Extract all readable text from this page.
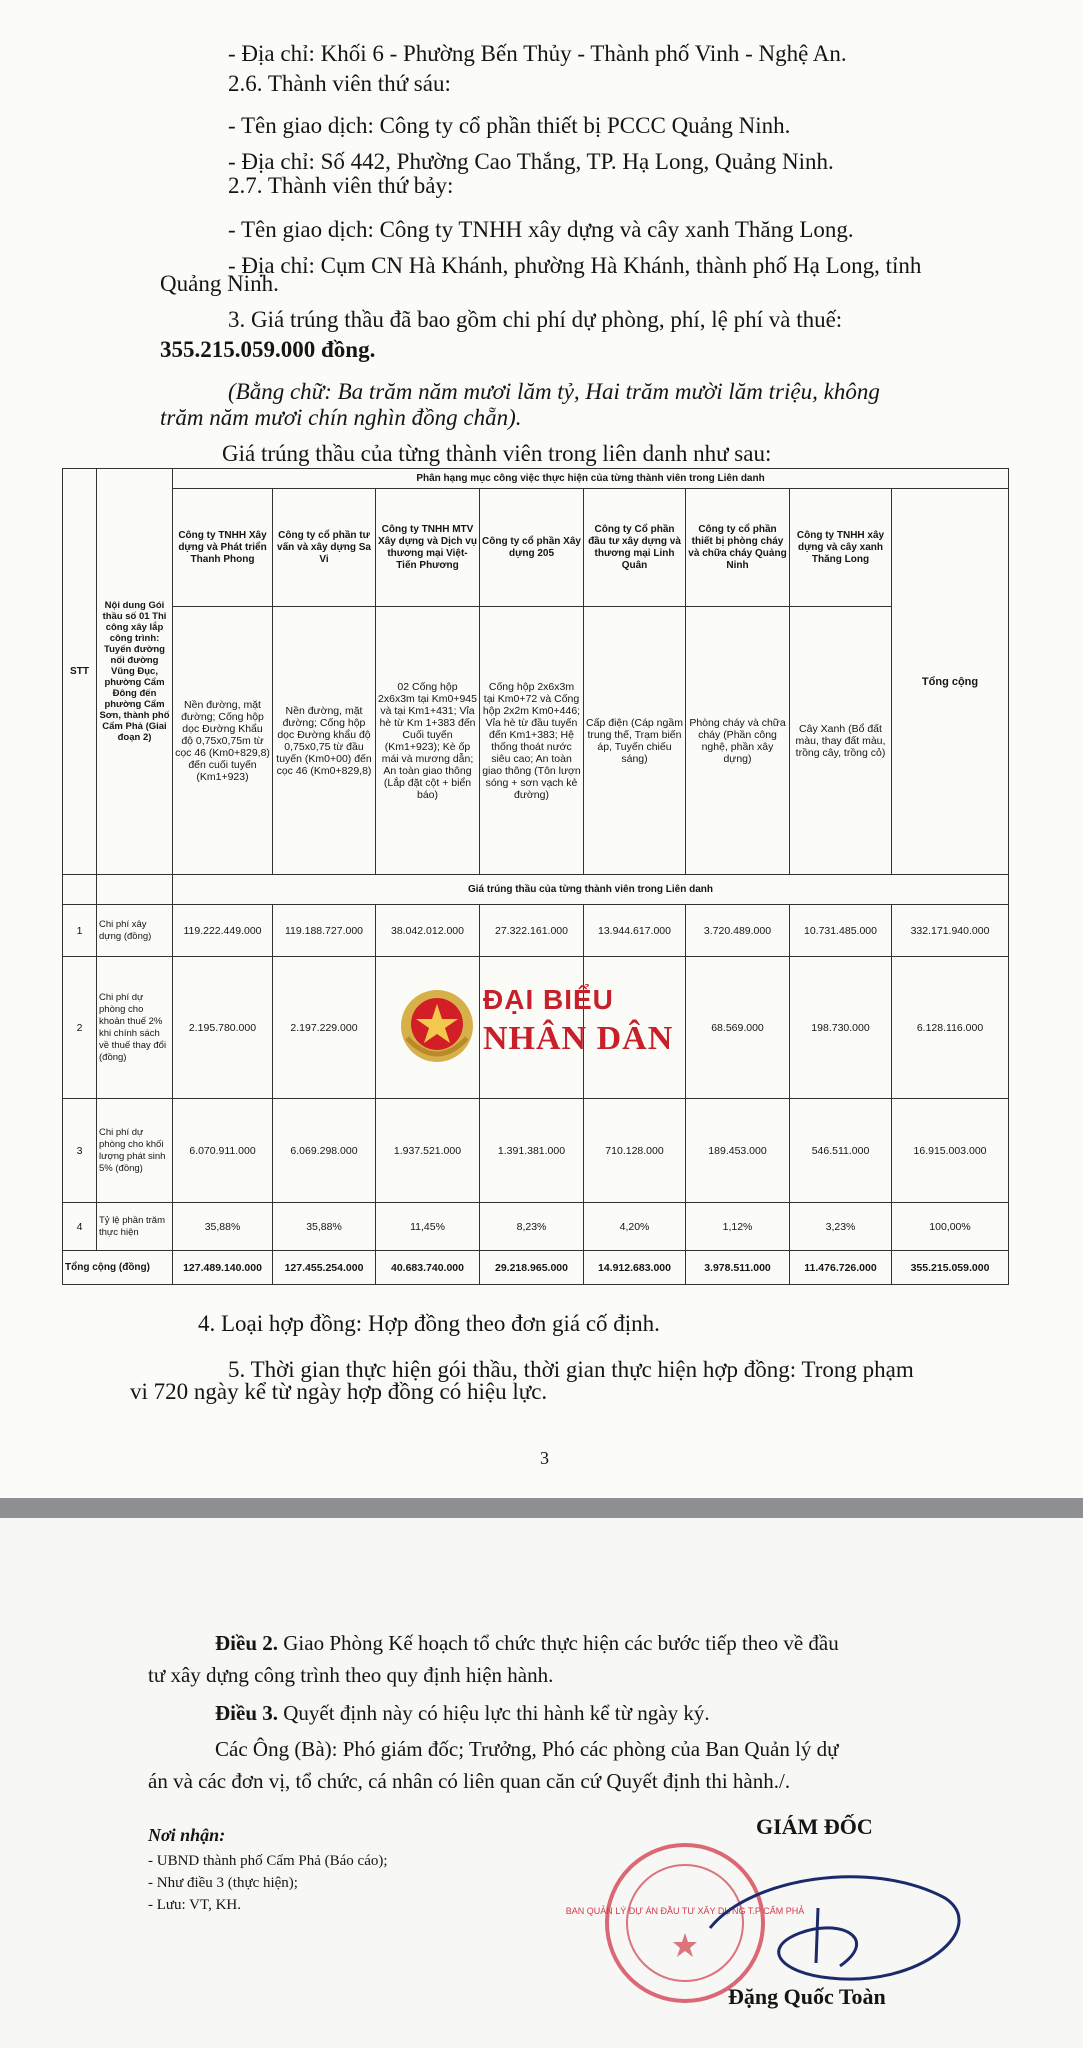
- Địa chỉ: Khối 6 - Phường Bến Thủy - Thành phố Vinh - Nghệ An.
2.6. Thành viên thứ sáu:
- Tên giao dịch: Công ty cổ phần thiết bị PCCC Quảng Ninh.
- Địa chỉ: Số 442, Phường Cao Thắng, TP. Hạ Long, Quảng Ninh.
2.7. Thành viên thứ bảy:
- Tên giao dịch: Công ty TNHH xây dựng và cây xanh Thăng Long.
- Địa chỉ: Cụm CN Hà Khánh, phường Hà Khánh, thành phố Hạ Long, tỉnh
Quảng Ninh.
3. Giá trúng thầu đã bao gồm chi phí dự phòng, phí, lệ phí và thuế:
355.215.059.000 đồng.
(Bằng chữ: Ba trăm năm mươi lăm tỷ, Hai trăm mười lăm triệu, không
trăm năm mươi chín nghìn đồng chẵn).
Giá trúng thầu của từng thành viên trong liên danh như sau:
STT	Nội dung Gói thầu số 01 Thi công xây lắp công trình: Tuyến đường nối đường Vũng Đục, phường Cẩm Đông đến phường Cẩm Sơn, thành phố Cẩm Phả (Giai đoạn 2)	Phân hạng mục công việc thực hiện của từng thành viên trong Liên danh							
		Công ty TNHH Xây dựng và Phát triển Thanh Phong	Công ty cổ phần tư vấn và xây dựng Sa Vi	Công ty TNHH MTV Xây dựng và Dịch vụ thương mại Việt-Tiến Phương	Công ty cổ phần Xây dựng 205	Công ty Cổ phần đầu tư xây dựng và thương mại Linh Quân	Công ty cổ phần thiết bị phòng cháy và chữa cháy Quảng Ninh	Công ty TNHH xây dựng và cây xanh Thăng Long	Tổng cộng
		Nền đường, mặt đường; Cống hộp dọc Đường Khẩu độ 0,75x0,75m từ cọc 46 (Km0+829,8) đến cuối tuyến (Km1+923)	Nền đường, mặt đường; Cống hộp dọc Đường khẩu độ 0,75x0,75 từ đầu tuyến (Km0+00) đến cọc 46 (Km0+829,8)	02 Cống hộp 2x6x3m tại Km0+945 và tại Km1+431; Vỉa hè từ Km 1+383 đến Cuối tuyến (Km1+923); Kè ốp mái và mương dẫn; An toàn giao thông (Lắp đặt cột + biển báo)	Cống hộp 2x6x3m tại Km0+72 và Cống hộp 2x2m Km0+446; Vỉa hè từ đầu tuyến đến Km1+383; Hệ thống thoát nước siêu cao; An toàn giao thông (Tôn lượn sóng + sơn vạch kẻ đường)	Cấp điện (Cáp ngầm trung thế, Trạm biến áp, Tuyến chiếu sáng)	Phòng cháy và chữa cháy (Phần công nghệ, phần xây dựng)	Cây Xanh (Bổ đất màu, thay đất màu, trồng cây, trồng cỏ)	
		Giá trúng thầu của từng thành viên trong Liên danh							
1	Chi phí xây dựng (đồng)	119.222.449.000	119.188.727.000	38.042.012.000	27.322.161.000	13.944.617.000	3.720.489.000	10.731.485.000	332.171.940.000
2	Chi phí dự phòng cho khoản thuế 2% khi chính sách về thuế thay đổi (đồng)	2.195.780.000	2.197.229.000				68.569.000	198.730.000	6.128.116.000
3	Chi phí dự phòng cho khối lượng phát sinh 5% (đồng)	6.070.911.000	6.069.298.000	1.937.521.000	1.391.381.000	710.128.000	189.453.000	546.511.000	16.915.003.000
4	Tỷ lệ phần trăm thực hiện	35,88%	35,88%	11,45%	8,23%	4,20%	1,12%	3,23%	100,00%
Tổng cộng (đồng)		127.489.140.000	127.455.254.000	40.683.740.000	29.218.965.000	14.912.683.000	3.978.511.000	11.476.726.000	355.215.059.000
ĐẠI BIỂU
NHÂN DÂN
4. Loại hợp đồng: Hợp đồng theo đơn giá cố định.
5. Thời gian thực hiện gói thầu, thời gian thực hiện hợp đồng: Trong phạm
vi 720 ngày kể từ ngày hợp đồng có hiệu lực.
3
Điều 2. Giao Phòng Kế hoạch tổ chức thực hiện các bước tiếp theo về đầu
tư xây dựng công trình theo quy định hiện hành.
Điều 3. Quyết định này có hiệu lực thi hành kể từ ngày ký.
Các Ông (Bà): Phó giám đốc; Trưởng, Phó các phòng của Ban Quản lý dự
án và các đơn vị, tổ chức, cá nhân có liên quan căn cứ Quyết định thi hành./.
Nơi nhận:
- UBND thành phố Cẩm Phả (Báo cáo);
- Như điều 3 (thực hiện);
- Lưu: VT, KH.
GIÁM ĐỐC
Đặng Quốc Toàn
BAN QUẢN LÝ DỰ ÁN ĐẦU TƯ XÂY DỰNG T.P CẨM PHẢ
